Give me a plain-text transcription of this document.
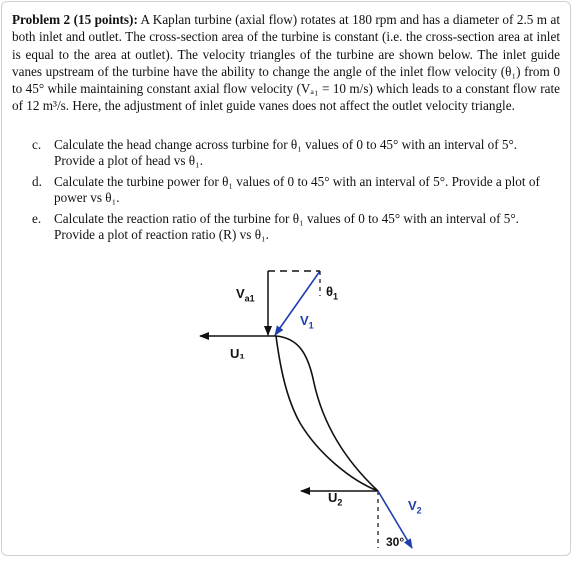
Problem 2 (15 points): A Kaplan turbine (axial flow) rotates at 180 rpm and has a diameter of 2.5 m at both inlet and outlet. The cross-section area of the turbine is constant (i.e. the cross-section area at inlet is equal to the area at outlet). The velocity triangles of the turbine are shown below. The inlet guide vanes upstream of the turbine have the ability to change the angle of the inlet flow velocity (θ₁) from 0 to 45° while maintaining constant axial flow velocity (Vₐ₁ = 10 m/s) which leads to a constant flow rate of 12 m³/s. Here, the adjustment of inlet guide vanes does not affect the outlet velocity triangle.

c. Calculate the head change across turbine for θ₁ values of 0 to 45° with an interval of 5°. Provide a plot of head vs θ₁.
d. Calculate the turbine power for θ₁ values of 0 to 45° with an interval of 5°. Provide a plot of power vs θ₁.
e. Calculate the reaction ratio of the turbine for θ₁ values of 0 to 45° with an interval of 5°. Provide a plot of reaction ratio (R) vs θ₁.
$V_{a1}$	$\theta_1$
$V_1$
U₁
$U_2$	$V_2$
30°
